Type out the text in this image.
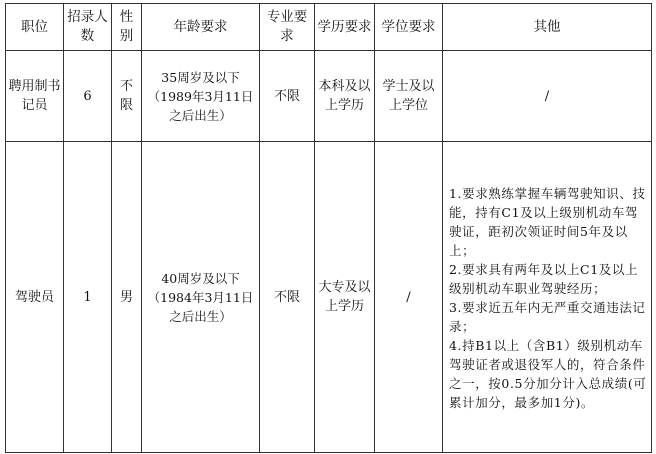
职位	招录人数	性别	年龄要求	专业要求	学历要求	学位要求	其他
聘用制书记员	6	不限	35周岁及以下（1989年3月11日之后出生）	不限	本科及以上学历	学士及以上学位	/
驾驶员	1	男	40周岁及以下（1984年3月11日之后出生）	不限	大专及以上学历	/	1.要求熟练掌握车辆驾驶知识、技能，持有C1及以上级别机动车驾驶证，距初次领证时间5年及以上；
2.要求具有两年及以上C1及以上级别机动车职业驾驶经历；
3.要求近五年内无严重交通违法记录；
4.持B1以上（含B1）级别机动车驾驶证者或退役军人的，符合条件之一，按0.5分加分计入总成绩(可累计加分，最多加1分)。
